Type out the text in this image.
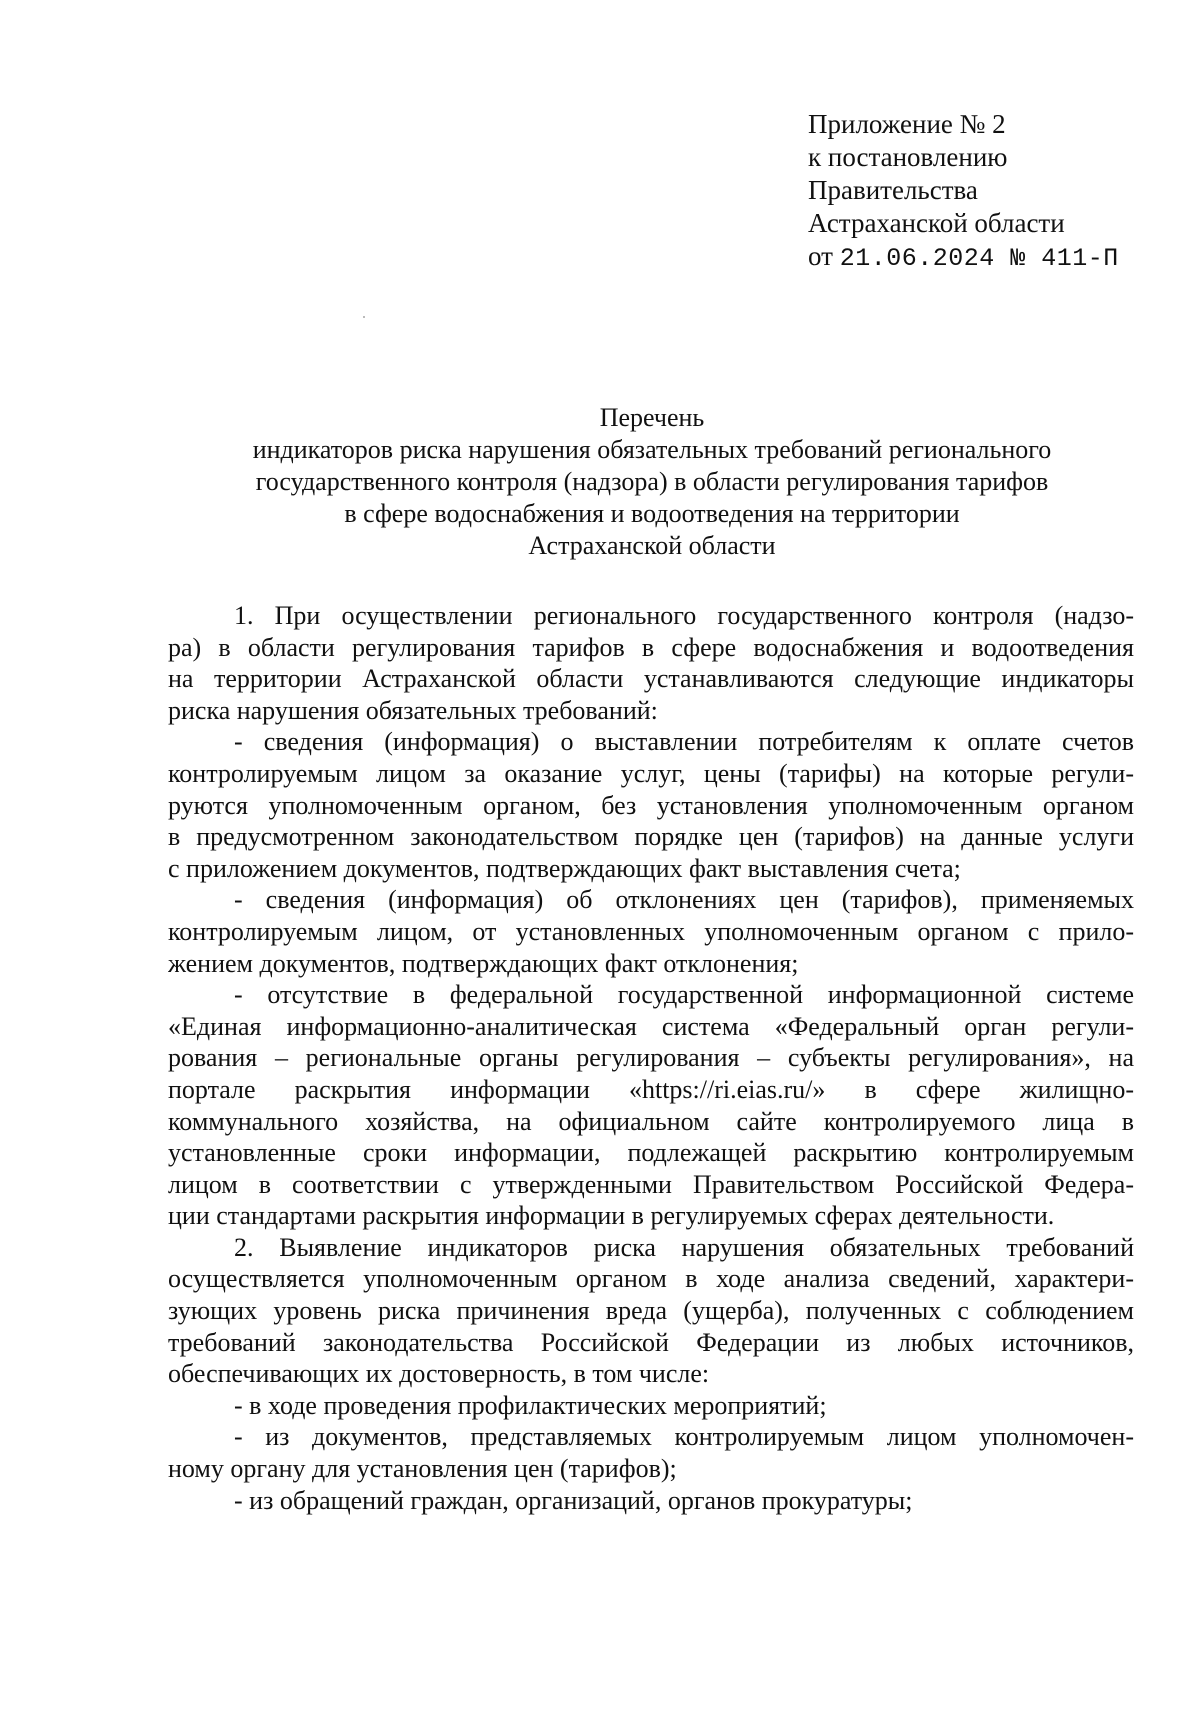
Приложение № 2
к постановлению
Правительства
Астраханской области
от 21.06.2024 № 411-П
Перечень
индикаторов риска нарушения обязательных требований регионального
государственного контроля (надзора) в области регулирования тарифов
в сфере водоснабжения и водоотведения на территории
Астраханской области
1. При осуществлении регионального государственного контроля (надзо-
ра) в области регулирования тарифов в сфере водоснабжения и водоотведения
на территории Астраханской области устанавливаются следующие индикаторы
риска нарушения обязательных требований:
- сведения (информация) о выставлении потребителям к оплате счетов
контролируемым лицом за оказание услуг, цены (тарифы) на которые регули-
руются уполномоченным органом, без установления уполномоченным органом
в предусмотренном законодательством порядке цен (тарифов) на данные услуги
с приложением документов, подтверждающих факт выставления счета;
- сведения (информация) об отклонениях цен (тарифов), применяемых
контролируемым лицом, от установленных уполномоченным органом с прило-
жением документов, подтверждающих факт отклонения;
- отсутствие в федеральной государственной информационной системе
«Единая информационно-аналитическая система «Федеральный орган регули-
рования – региональные органы регулирования – субъекты регулирования», на
портале раскрытия информации «https://ri.eias.ru/» в сфере жилищно-
коммунального хозяйства, на официальном сайте контролируемого лица в
установленные сроки информации, подлежащей раскрытию контролируемым
лицом в соответствии с утвержденными Правительством Российской Федера-
ции стандартами раскрытия информации в регулируемых сферах деятельности.
2. Выявление индикаторов риска нарушения обязательных требований
осуществляется уполномоченным органом в ходе анализа сведений, характери-
зующих уровень риска причинения вреда (ущерба), полученных с соблюдением
требований законодательства Российской Федерации из любых источников,
обеспечивающих их достоверность, в том числе:
- в ходе проведения профилактических мероприятий;
- из документов, представляемых контролируемым лицом уполномочен-
ному органу для установления цен (тарифов);
- из обращений граждан, организаций, органов прокуратуры;
